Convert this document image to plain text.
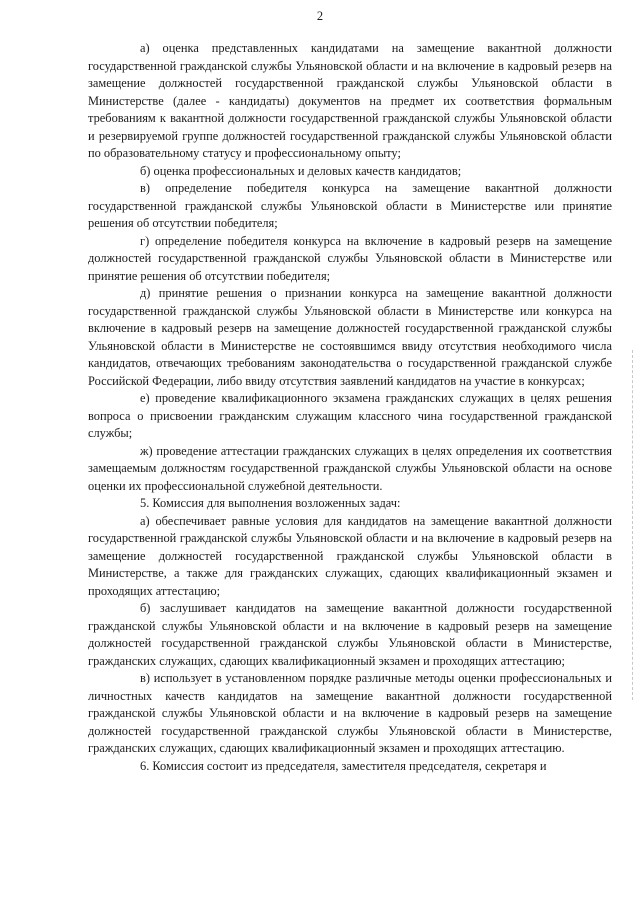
2

а) оценка представленных кандидатами на замещение вакантной должности государственной гражданской службы Ульяновской области и на включение в кадровый резерв на замещение должностей государственной гражданской службы Ульяновской области в Министерстве (далее - кандидаты) документов на предмет их соответствия формальным требованиям к вакантной должности государственной гражданской службы Ульяновской области и резервируемой группе должностей государственной гражданской службы Ульяновской области по образовательному статусу и профессиональному опыту;

б) оценка профессиональных и деловых качеств кандидатов;

в) определение победителя конкурса на замещение вакантной должности государственной гражданской службы Ульяновской области в Министерстве или принятие решения об отсутствии победителя;

г) определение победителя конкурса на включение в кадровый резерв на замещение должностей государственной гражданской службы Ульяновской области в Министерстве или принятие решения об отсутствии победителя;

д) принятие решения о признании конкурса на замещение вакантной должности государственной гражданской службы Ульяновской области в Министерстве или конкурса на включение в кадровый резерв на замещение должностей государственной гражданской службы Ульяновской области в Министерстве не состоявшимся ввиду отсутствия необходимого числа кандидатов, отвечающих требованиям законодательства о государственной гражданской службе Российской Федерации, либо ввиду отсутствия заявлений кандидатов на участие в конкурсах;

е) проведение квалификационного экзамена гражданских служащих в целях решения вопроса о присвоении гражданским служащим классного чина государственной гражданской службы;

ж) проведение аттестации гражданских служащих в целях определения их соответствия замещаемым должностям государственной гражданской службы Ульяновской области на основе оценки их профессиональной служебной деятельности.

5. Комиссия для выполнения возложенных задач:

а) обеспечивает равные условия для кандидатов на замещение вакантной должности государственной гражданской службы Ульяновской области и на включение в кадровый резерв на замещение должностей государственной гражданской службы Ульяновской области в Министерстве, а также для гражданских служащих, сдающих квалификационный экзамен и проходящих аттестацию;

б) заслушивает кандидатов на замещение вакантной должности государственной гражданской службы Ульяновской области и на включение в кадровый резерв на замещение должностей государственной гражданской службы Ульяновской области в Министерстве, гражданских служащих, сдающих квалификационный экзамен и проходящих аттестацию;

в) использует в установленном порядке различные методы оценки профессиональных и личностных качеств кандидатов на замещение вакантной должности государственной гражданской службы Ульяновской области и на включение в кадровый резерв на замещение должностей государственной гражданской службы Ульяновской области в Министерстве, гражданских служащих, сдающих квалификационный экзамен и проходящих аттестацию.

6. Комиссия состоит из председателя, заместителя председателя, секретаря и
